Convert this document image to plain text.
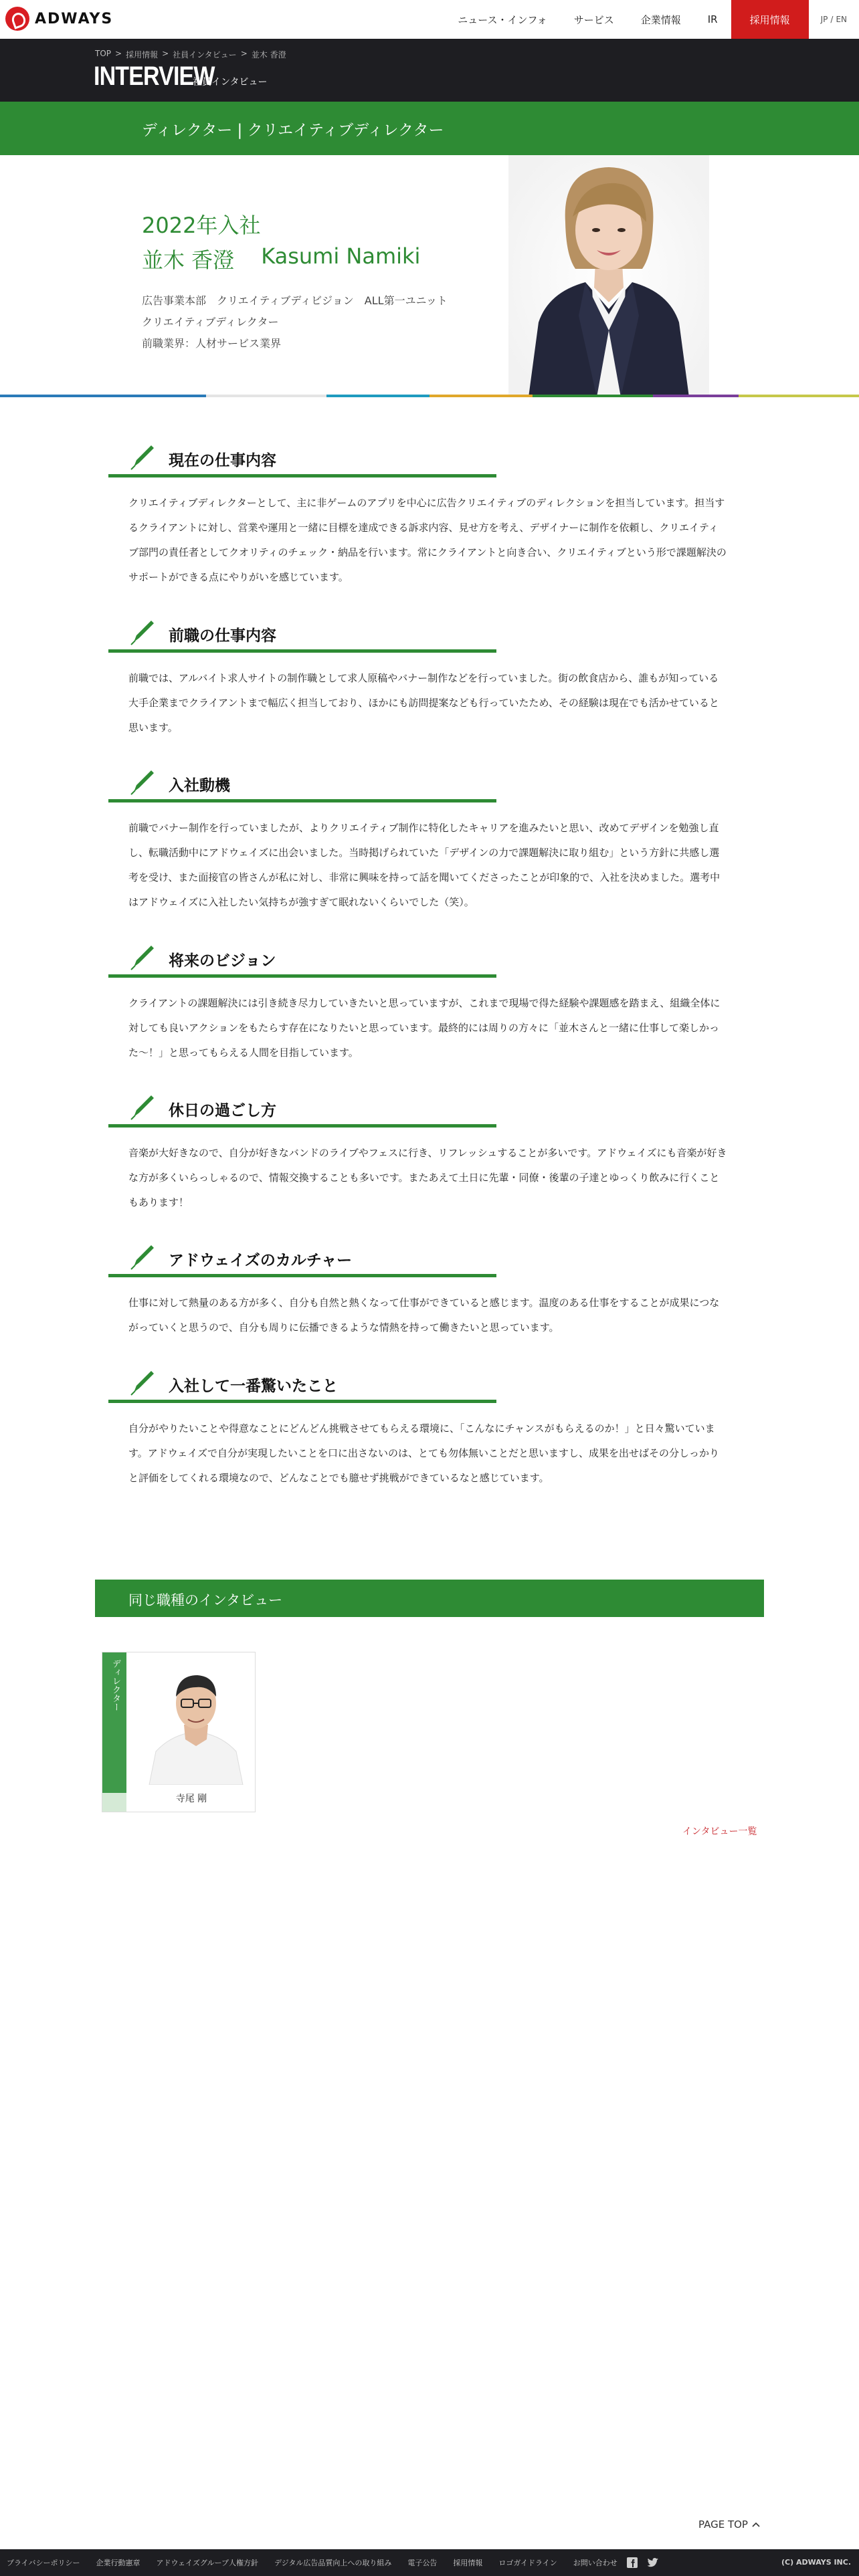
ADWAYS	ニュース・インフォ	サービス	企業情報	IR	採用情報	JP / EN
TOP > 採用情報 > 社員インタビュー > 並木 香澄
INTERVIEW
社員インタビュー
ディレクター | クリエイティブディレクター
2022年入社
並木 香澄 Kasumi Namiki
広告事業本部　クリエイティブディビジョン　ALL第一ユニット
クリエイティブディレクター
前職業界：人材サービス業界
現在の仕事内容
クリエイティブディレクターとして、主に非ゲームのアプリを中心に広告クリエイティブのディレクションを担当しています。担当するクライアントに対し、営業や運用と一緒に目標を達成できる訴求内容、見せ方を考え、デザイナーに制作を依頼し、クリエイティブ部門の責任者としてクオリティのチェック・納品を行います。常にクライアントと向き合い、クリエイティブという形で課題解決のサポートができる点にやりがいを感じています。
前職の仕事内容
前職では、アルバイト求人サイトの制作職として求人原稿やバナー制作などを行っていました。街の飲食店から、誰もが知っている大手企業までクライアントまで幅広く担当しており、ほかにも訪問提案なども行っていたため、その経験は現在でも活かせていると思います。
入社動機
前職でバナー制作を行っていましたが、よりクリエイティブ制作に特化したキャリアを進みたいと思い、改めてデザインを勉強し直し、転職活動中にアドウェイズに出会いました。当時掲げられていた「デザインの力で課題解決に取り組む」という方針に共感し選考を受け、また面接官の皆さんが私に対し、非常に興味を持って話を聞いてくださったことが印象的で、入社を決めました。選考中はアドウェイズに入社したい気持ちが強すぎて眠れないくらいでした（笑）。
将来のビジョン
クライアントの課題解決には引き続き尽力していきたいと思っていますが、これまで現場で得た経験や課題感を踏まえ、組織全体に対しても良いアクションをもたらす存在になりたいと思っています。最終的には周りの方々に「並木さんと一緒に仕事して楽しかった〜！」と思ってもらえる人間を目指しています。
休日の過ごし方
音楽が大好きなので、自分が好きなバンドのライブやフェスに行き、リフレッシュすることが多いです。アドウェイズにも音楽が好きな方が多くいらっしゃるので、情報交換することも多いです。またあえて土日に先輩・同僚・後輩の子達とゆっくり飲みに行くこともあります！
アドウェイズのカルチャー
仕事に対して熱量のある方が多く、自分も自然と熱くなって仕事ができていると感じます。温度のある仕事をすることが成果につながっていくと思うので、自分も周りに伝播できるような情熱を持って働きたいと思っています。
入社して一番驚いたこと
自分がやりたいことや得意なことにどんどん挑戦させてもらえる環境に、「こんなにチャンスがもらえるのか！」と日々驚いています。アドウェイズで自分が実現したいことを口に出さないのは、とても勿体無いことだと思いますし、成果を出せばその分しっかりと評価をしてくれる環境なので、どんなことでも臆せず挑戦ができているなと感じています。
同じ職種のインタビュー
ディレクター
寺尾 剛
インタビュー一覧
PAGE TOP
プライバシーポリシー 企業行動憲章 アドウェイズグループ人権方針 デジタル広告品質向上への取り組み 電子公告 採用情報 ロゴガイドライン お問い合わせ	(C) ADWAYS INC.
